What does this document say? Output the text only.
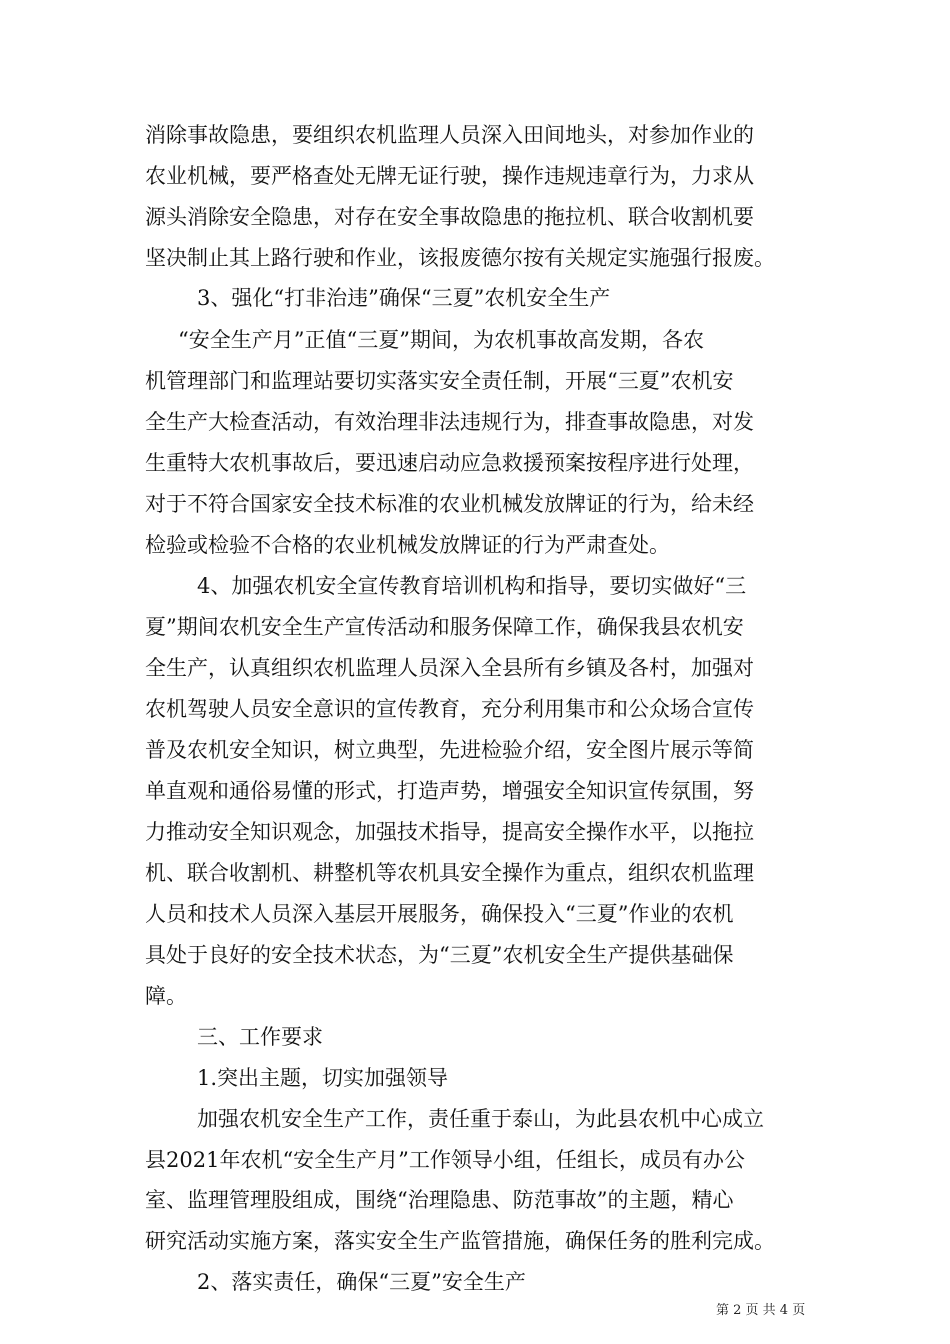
消除事故隐患，要组织农机监理人员深入田间地头，对参加作业的
农业机械，要严格查处无牌无证行驶，操作违规违章行为，力求从
源头消除安全隐患，对存在安全事故隐患的拖拉机、联合收割机要
坚决制止其上路行驶和作业，该报废德尔按有关规定实施强行报废。
3、强化“打非治违”确保“三夏”农机安全生产
“安全生产月”正值“三夏”期间，为农机事故高发期，各农
机管理部门和监理站要切实落实安全责任制，开展“三夏”农机安
全生产大检查活动，有效治理非法违规行为，排查事故隐患，对发
生重特大农机事故后，要迅速启动应急救援预案按程序进行处理，
对于不符合国家安全技术标准的农业机械发放牌证的行为，给未经
检验或检验不合格的农业机械发放牌证的行为严肃查处。
4、加强农机安全宣传教育培训机构和指导，要切实做好“三
夏”期间农机安全生产宣传活动和服务保障工作，确保我县农机安
全生产，认真组织农机监理人员深入全县所有乡镇及各村，加强对
农机驾驶人员安全意识的宣传教育，充分利用集市和公众场合宣传
普及农机安全知识，树立典型，先进检验介绍，安全图片展示等简
单直观和通俗易懂的形式，打造声势，增强安全知识宣传氛围，努
力推动安全知识观念，加强技术指导，提高安全操作水平，以拖拉
机、联合收割机、耕整机等农机具安全操作为重点，组织农机监理
人员和技术人员深入基层开展服务，确保投入“三夏”作业的农机
具处于良好的安全技术状态，为“三夏”农机安全生产提供基础保
障。
三、工作要求
1.突出主题，切实加强领导
加强农机安全生产工作，责任重于泰山，为此县农机中心成立
县2021年农机“安全生产月”工作领导小组，任组长，成员有办公
室、监理管理股组成，围绕“治理隐患、防范事故”的主题，精心
研究活动实施方案，落实安全生产监管措施，确保任务的胜利完成。
2、落实责任，确保“三夏”安全生产
第 2 页 共 4 页
